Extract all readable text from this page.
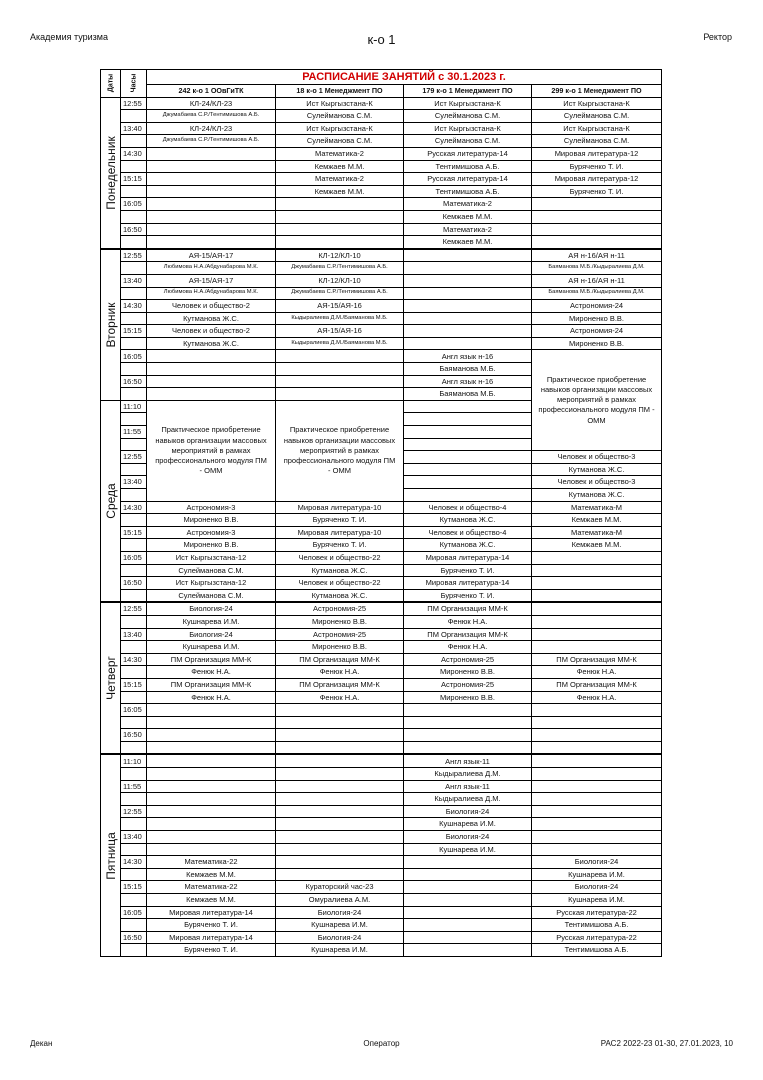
Академия туризма	к-о 1	Ректор
Даты	Часы	РАСПИСАНИЕ ЗАНЯТИЙ с 30.1.2023 г.			
		242 к-о 1 ООвГиТК	18 к-о 1 Менеджмент ПО	179 к-о 1 Менеджмент ПО	299 к-о 1 Менеджмент ПО

Понедельник	12:55	КЛ-24/КЛ-23	Ист Кыргызстана-К	Ист Кыргызстана-К	Ист Кыргызстана-К
		Джумабаева С.Р./Тентимишова А.Б.	Сулейманова С.М.	Сулейманова С.М.	Сулейманова С.М.
	13:40	КЛ-24/КЛ-23	Ист Кыргызстана-К	Ист Кыргызстана-К	Ист Кыргызстана-К
		Джумабаева С.Р./Тентимишова А.Б.	Сулейманова С.М.	Сулейманова С.М.	Сулейманова С.М.
	14:30		Математика-2	Русская литература-14	Мировая литература-12
			Кемжаев М.М.	Тентимишова А.Б.	Буряченко Т. И.
	15:15		Математика-2	Русская литература-14	Мировая литература-12
			Кемжаев М.М.	Тентимишова А.Б.	Буряченко Т. И.
	16:05			Математика-2	
				Кемжаев М.М.	
	16:50			Математика-2	
				Кемжаев М.М.	

Вторник	12:55	АЯ-15/АЯ-17	КЛ-12/КЛ-10		АЯ н-16/АЯ н-11
		Любимова Н.А./Абдунабарова М.К.	Джумабаева С.Р./Тентимишова А.Б.		Баяманова М.Б./Кыдыралиева Д.М.
	13:40	АЯ-15/АЯ-17	КЛ-12/КЛ-10		АЯ н-16/АЯ н-11
		Любимова Н.А./Абдунабарова М.К.	Джумабаева С.Р./Тентимишова А.Б.		Баяманова М.Б./Кыдыралиева Д.М.
	14:30	Человек и общество-2	АЯ-15/АЯ-16		Астрономия-24
		Кутманова Ж.С.	Кыдыралиева Д.М./Баяманова М.Б.		Мироненко В.В.
	15:15	Человек и общество-2	АЯ-15/АЯ-16		Астрономия-24
		Кутманова Ж.С.	Кыдыралиева Д.М./Баяманова М.Б.		Мироненко В.В.
	16:05			Англ язык н-16	Практическое приобретение навыков организации массовых мероприятий в рамках профессионального модуля ПМ - ОММ
				Баяманова М.Б.	
	16:50			Англ язык н-16	
				Баяманова М.Б.	

Среда	11:10	Практическое приобретение навыков организации массовых мероприятий в рамках профессионального модуля ПМ - ОММ	Практическое приобретение навыков организации массовых мероприятий в рамках профессионального модуля ПМ - ОММ		

	11:55				

	12:55				Человек и общество-3
					Кутманова Ж.С.
	13:40				Человек и общество-3
					Кутманова Ж.С.
	14:30	Астрономия-3	Мировая литература-10	Человек и общество-4	Математика-М
		Мироненко В.В.	Буряченко Т. И.	Кутманова Ж.С.	Кемжаев М.М.
	15:15	Астрономия-3	Мировая литература-10	Человек и общество-4	Математика-М
		Мироненко В.В.	Буряченко Т. И.	Кутманова Ж.С.	Кемжаев М.М.
	16:05	Ист Кыргызстана-12	Человек и общество-22	Мировая литература-14	
		Сулейманова С.М.	Кутманова Ж.С.	Буряченко Т. И.	
	16:50	Ист Кыргызстана-12	Человек и общество-22	Мировая литература-14	
		Сулейманова С.М.	Кутманова Ж.С.	Буряченко Т. И.	

Четверг	12:55	Биология-24	Астрономия-25	ПМ Организация ММ-К	
		Кушнарева И.М.	Мироненко В.В.	Фенюк Н.А.	
	13:40	Биология-24	Астрономия-25	ПМ Организация ММ-К	
		Кушнарева И.М.	Мироненко В.В.	Фенюк Н.А.	
	14:30	ПМ Организация ММ-К	ПМ Организация ММ-К	Астрономия-25	ПМ Организация ММ-К
		Фенюк Н.А.	Фенюк Н.А.	Мироненко В.В.	Фенюк Н.А.
	15:15	ПМ Организация ММ-К	ПМ Организация ММ-К	Астрономия-25	ПМ Организация ММ-К
		Фенюк Н.А.	Фенюк Н.А.	Мироненко В.В.	Фенюк Н.А.
	16:05				

	16:50				

Пятница	11:10			Англ язык-11	
				Кыдыралиева Д.М.	
	11:55			Англ язык-11	
				Кыдыралиева Д.М.	
	12:55			Биология-24	
				Кушнарева И.М.	
	13:40			Биология-24	
				Кушнарева И.М.	
	14:30	Математика-22			Биология-24
		Кемжаев М.М.			Кушнарева И.М.
	15:15	Математика-22	Кураторский час-23		Биология-24
		Кемжаев М.М.	Омуралиева А.М.		Кушнарева И.М.
	16:05	Мировая литература-14	Биология-24		Русская литература-22
		Буряченко Т. И.	Кушнарева И.М.		Тентимишова А.Б.
	16:50	Мировая литература-14	Биология-24		Русская литература-22
		Буряченко Т. И.	Кушнарева И.М.		Тентимишова А.Б.
Декан	Оператор	РАС2 2022-23 01-30, 27.01.2023, 10
